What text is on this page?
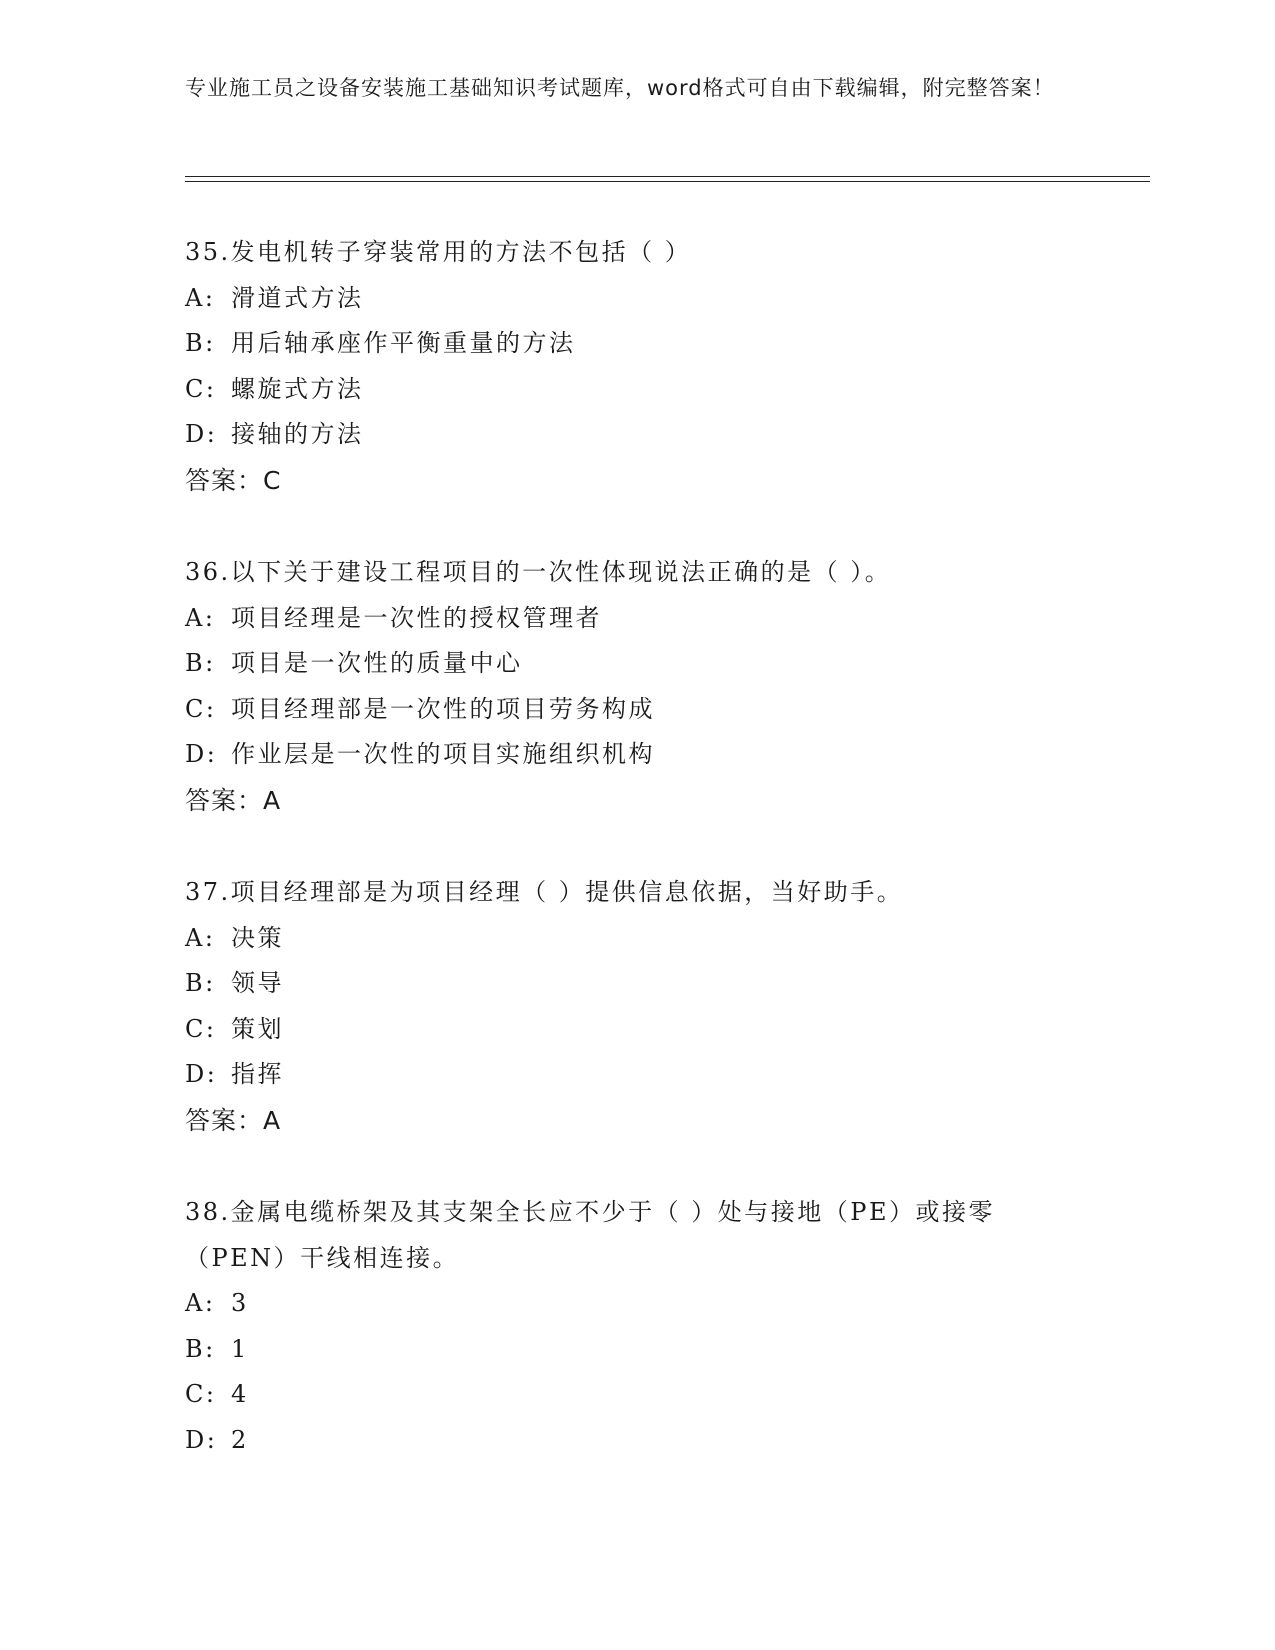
专业施工员之设备安装施工基础知识考试题库，word格式可自由下载编辑，附完整答案！
35.发电机转子穿装常用的方法不包括（ ）
A: 滑道式方法
B: 用后轴承座作平衡重量的方法
C: 螺旋式方法
D: 接轴的方法
答案：C
36.以下关于建设工程项目的一次性体现说法正确的是（ ）。
A: 项目经理是一次性的授权管理者
B: 项目是一次性的质量中心
C: 项目经理部是一次性的项目劳务构成
D: 作业层是一次性的项目实施组织机构
答案：A
37.项目经理部是为项目经理（ ）提供信息依据，当好助手。
A: 决策
B: 领导
C: 策划
D: 指挥
答案：A
38.金属电缆桥架及其支架全长应不少于（ ）处与接地（PE）或接零（PEN）干线相连接。
A: 3
B: 1
C: 4
D: 2
